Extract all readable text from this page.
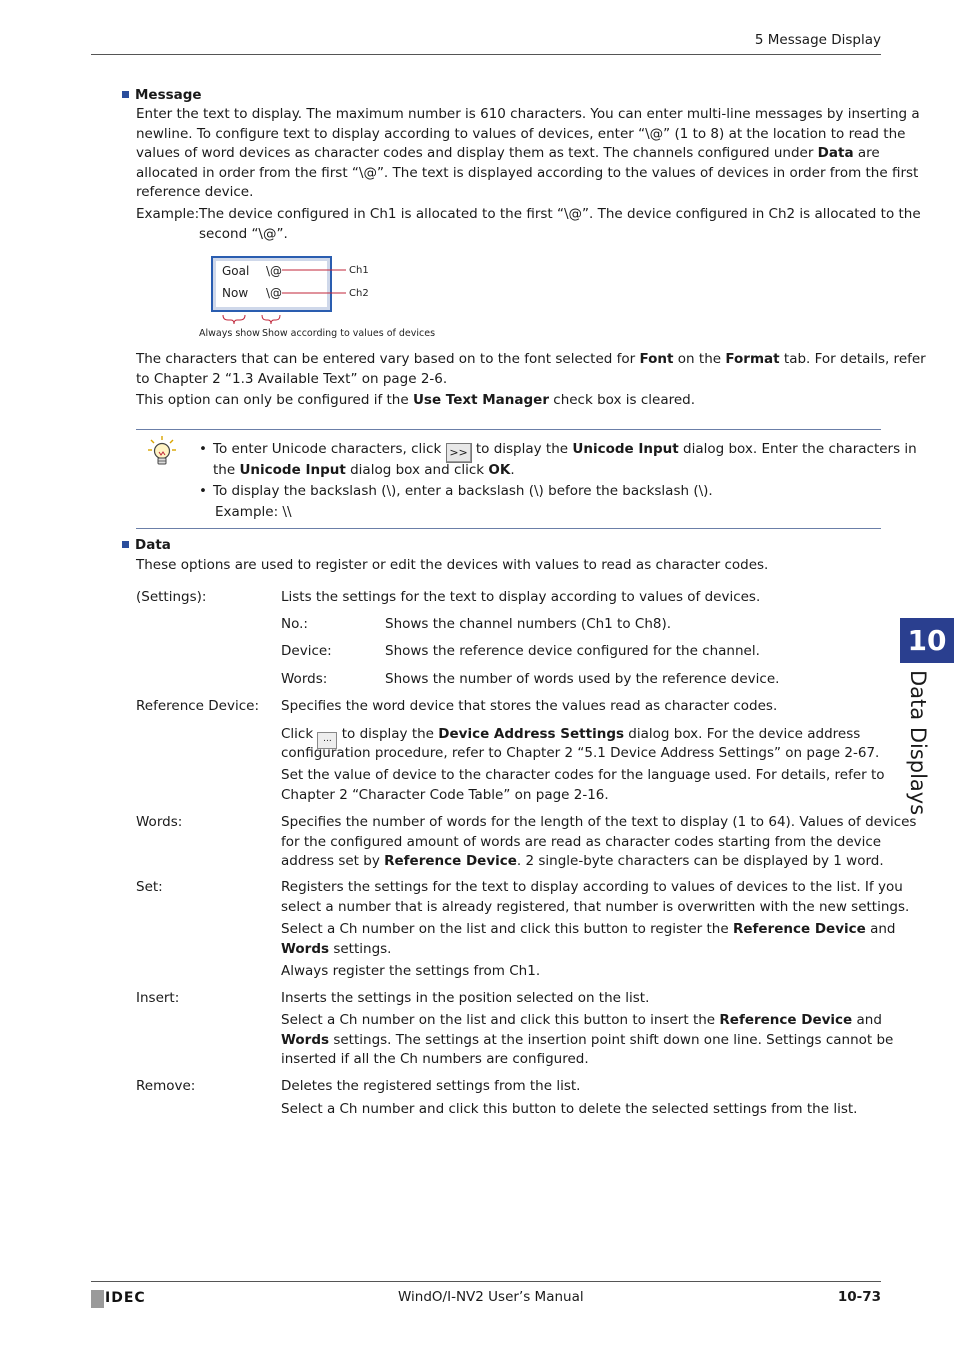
5 Message Display
Message
Enter the text to display. The maximum number is 610 characters. You can enter multi-line messages by inserting a
newline. To configure text to display according to values of devices, enter “\@” (1 to 8) at the location to read the
values of word devices as character codes and display them as text. The channels configured under Data are
allocated in order from the first “\@”. The text is displayed according to the values of devices in order from the first
reference device.
Example: The device configured in Ch1 is allocated to the first “\@”. The device configured in Ch2 is allocated to the
second “\@”.
Goal \@
Now \@
Ch1
Ch2
Always show Show according to values of devices
The characters that can be entered vary based on to the font selected for Font on the Format tab. For details, refer
to Chapter 2 “1.3 Available Text” on page 2-6.
This option can only be configured if the Use Text Manager check box is cleared.
• To enter Unicode characters, click >> to display the Unicode Input dialog box. Enter the characters in
the Unicode Input dialog box and click OK.
• To display the backslash (\), enter a backslash (\) before the backslash (\).
Example: \\
Data
These options are used to register or edit the devices with values to read as character codes.
(Settings):	Lists the settings for the text to display according to values of devices.
No.:	Shows the channel numbers (Ch1 to Ch8).
Device:	Shows the reference device configured for the channel.
Words:	Shows the number of words used by the reference device.
Reference Device: Specifies the word device that stores the values read as character codes.
Click ... to display the Device Address Settings dialog box. For the device address
configuration procedure, refer to Chapter 2 “5.1 Device Address Settings” on page 2-67.
Set the value of device to the character codes for the language used. For details, refer to
Chapter 2 “Character Code Table” on page 2-16.
Words:	Specifies the number of words for the length of the text to display (1 to 64). Values of devices
for the configured amount of words are read as character codes starting from the device
address set by Reference Device. 2 single-byte characters can be displayed by 1 word.
Set:	Registers the settings for the text to display according to values of devices to the list. If you
select a number that is already registered, that number is overwritten with the new settings.
Select a Ch number on the list and click this button to register the Reference Device and
Words settings.
Always register the settings from Ch1.
Insert:	Inserts the settings in the position selected on the list.
Select a Ch number on the list and click this button to insert the Reference Device and
Words settings. The settings at the insertion point shift down one line. Settings cannot be
inserted if all the Ch numbers are configured.
Remove:	Deletes the registered settings from the list.
Select a Ch number and click this button to delete the selected settings from the list.
10
Data Displays
IDEC	WindO/I-NV2 User’s Manual	10-73
